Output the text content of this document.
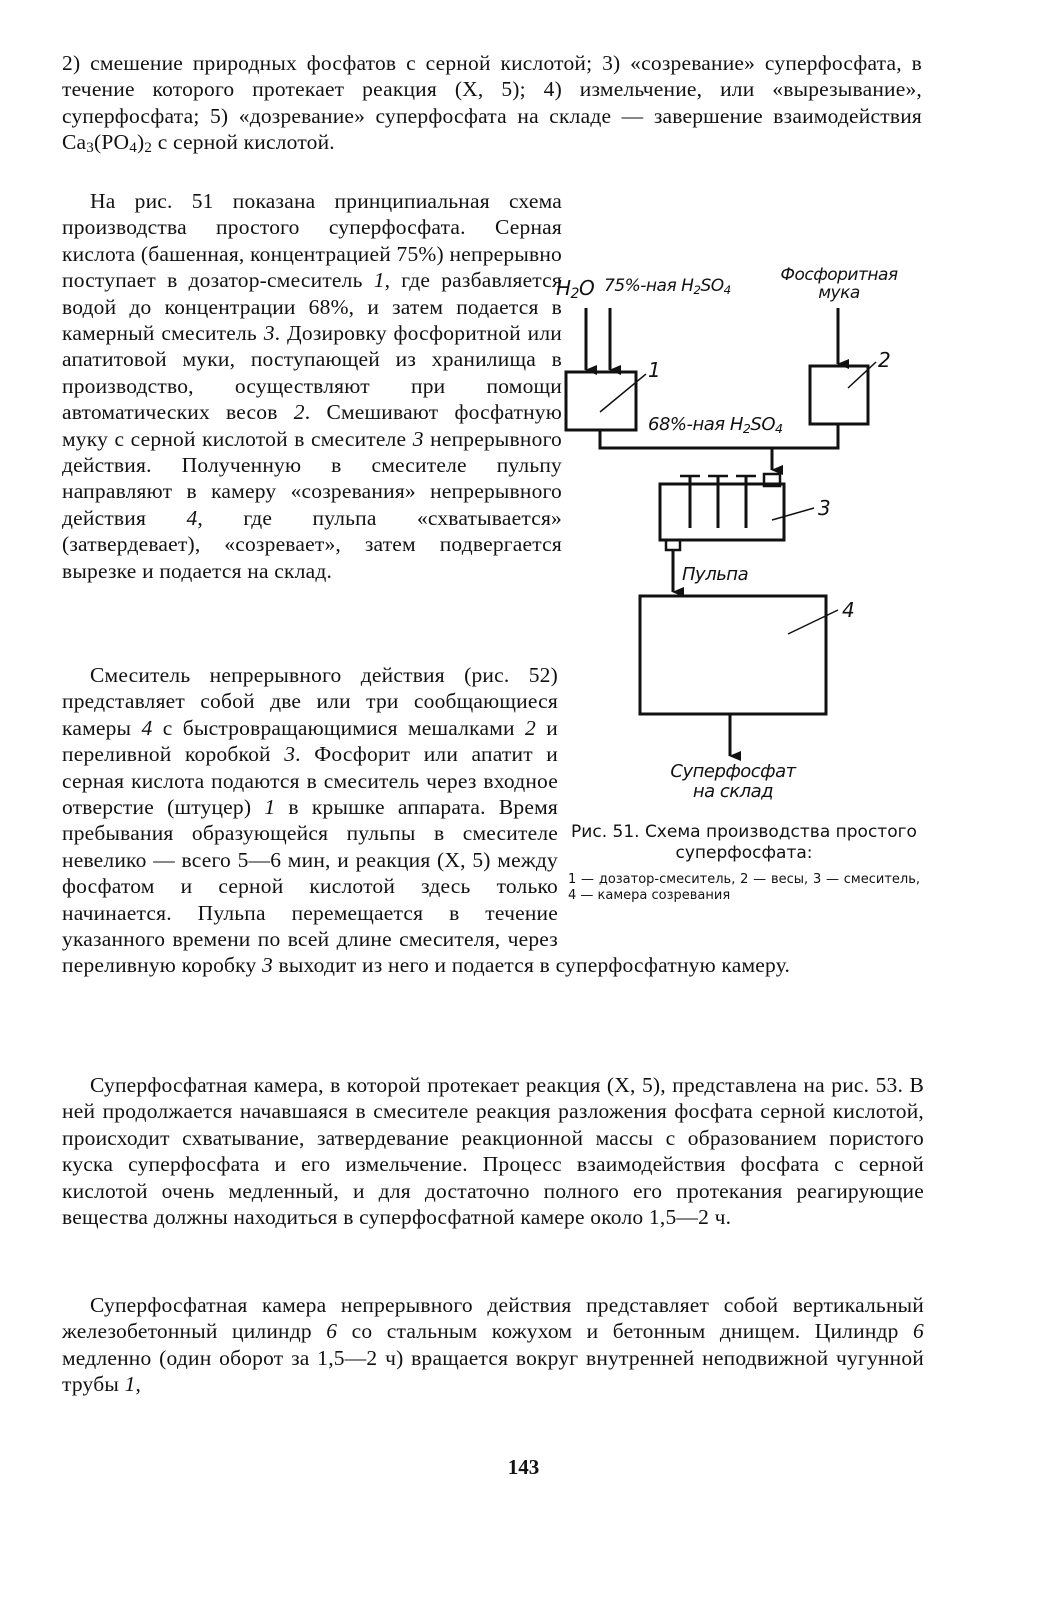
2) смешение природных фосфатов с серной кислотой; 3) «созревание» суперфосфата, в течение которого протекает реакция (X, 5); 4) измельчение, или «вырезывание», суперфосфата; 5) «дозревание» суперфосфата на складе — завершение взаимодействия $Ca_3(PO_4)_2$ с серной кислотой.

На рис. 51 показана принципиальная схема производства простого суперфосфата. Серная кислота (башенная, концентрацией 75%) непрерывно поступает в дозатор-смеситель 1, где разбавляется водой до концентрации 68%, и затем подается в камерный смеситель 3. Дозировку фосфоритной или апатитовой муки, поступающей из хранилища в производство, осуществляют при помощи автоматических весов 2. Смешивают фосфатную муку с серной кислотой в смесителе 3 непрерывного действия. Полученную в смесителе пульпу направляют в камеру «созревания» непрерывного действия 4, где пульпа «схватывается» (затвердевает), «созревает», затем подвергается вырезке и подается на склад.

Смеситель непрерывного действия (рис. 52) представляет собой две или три сообщающиеся камеры 4 с быстровращающимися мешалками 2 и переливной коробкой 3. Фосфорит или апатит и серная кислота подаются в смеситель через входное отверстие (штуцер) 1 в крышке аппарата. Время пребывания образующейся пульпы в смесителе невелико — всего 5—6 мин, и реакция (X, 5) между фосфатом и серной кислотой здесь только начинается. Пульпа перемещается в течение указанного времени по всей длине смесителя, через переливную коробку 3 выходит из него и подается в суперфосфатную камеру.

Суперфосфатная камера, в которой протекает реакция (X, 5), представлена на рис. 53. В ней продолжается начавшаяся в смесителе реакция разложения фосфата серной кислотой, происходит схватывание, затвердевание реакционной массы с образованием пористого куска суперфосфата и его измельчение. Процесс взаимодействия фосфата с серной кислотой очень медленный, и для достаточно полного его протекания реагирующие вещества должны находиться в суперфосфатной камере около 1,5—2 ч.

Суперфосфатная камера непрерывного действия представляет собой вертикальный железобетонный цилиндр 6 со стальным кожухом и бетонным днищем. Цилиндр 6 медленно (один оборот за 1,5—2 ч) вращается вокруг внутренней неподвижной чугунной трубы 1,

$H_2O$ 75%-ная $H_2SO_4$
Фосфоритная
мука
1	2
68%-ная $H_2SO_4$
3
Пульпа
4
Суперфосфат
на склад
Рис. 51. Схема производства простого суперфосфата:
1 — дозатор-смеситель, 2 — весы, 3 — смеситель, 4 — камера созревания
143
